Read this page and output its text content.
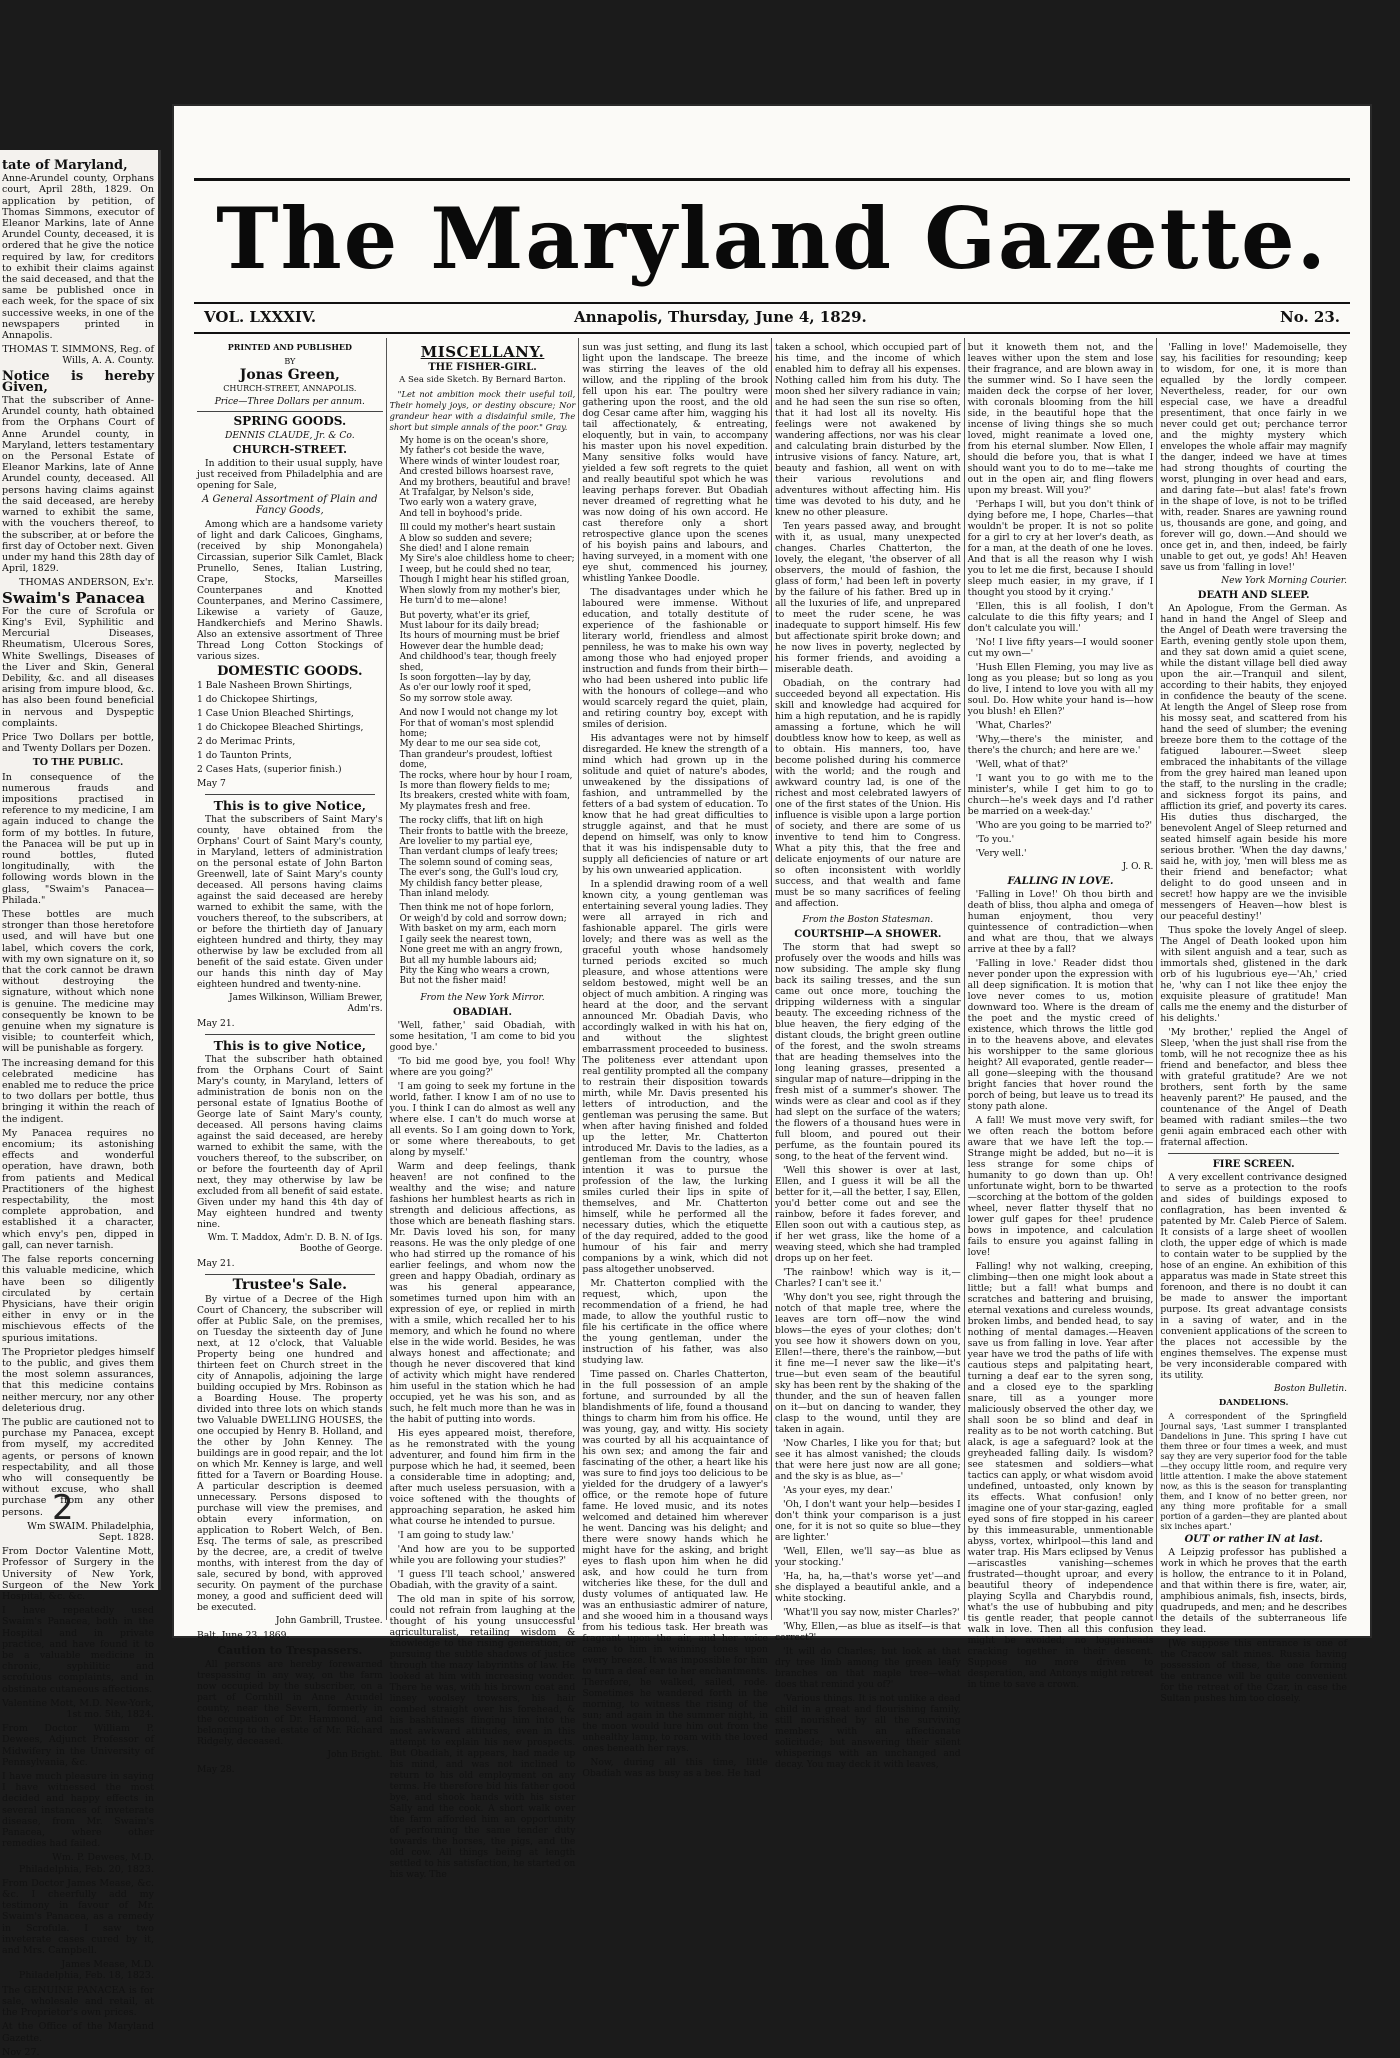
tate of Maryland,

Anne-Arundel county, Orphans court, April 28th, 1829. On application by petition, of Thomas Simmons, executor of Eleanor Markins, late of Anne Arundel County, deceased, it is ordered that he give the notice required by law, for creditors to exhibit their claims against the said deceased, and that the same be published once in each week, for the space of six successive weeks, in one of the newspapers printed in Annapolis.

THOMAS T. SIMMONS, Reg. of Wills, A. A. County.

Notice is hereby Given,

That the subscriber of Anne-Arundel county, hath obtained from the Orphans Court of Anne Arundel county, in Maryland, letters testamentary on the Personal Estate of Eleanor Markins, late of Anne Arundel county, deceased. All persons having claims against the said deceased, are hereby warned to exhibit the same, with the vouchers thereof, to the subscriber, at or before the first day of October next. Given under my hand this 28th day of April, 1829.

THOMAS ANDERSON, Ex'r.

Swaim's Panacea

For the cure of Scrofula or King's Evil, Syphilitic and Mercurial Diseases, Rheumatism, Ulcerous Sores, White Swellings, Diseases of the Liver and Skin, General Debility, &c. and all diseases arising from impure blood, &c. has also been found beneficial in nervous and Dyspeptic complaints.

Price Two Dollars per bottle, and Twenty Dollars per Dozen.

TO THE PUBLIC.

In consequence of the numerous frauds and impositions practised in reference to my medicine, I am again induced to change the form of my bottles. In future, the Panacea will be put up in round bottles, fluted longitudinally, with the following words blown in the glass, "Swaim's Panacea—Philada."

These bottles are much stronger than those heretofore used, and will have but one label, which covers the cork, with my own signature on it, so that the cork cannot be drawn without destroying the signature, without which none is genuine. The medicine may consequently be known to be genuine when my signature is visible; to counterfeit which, will be punishable as forgery.

The increasing demand for this celebrated medicine has enabled me to reduce the price to two dollars per bottle, thus bringing it within the reach of the indigent.

My Panacea requires no encomium; its astonishing effects and wonderful operation, have drawn, both from patients and Medical Practitioners of the highest respectability, the most complete approbation, and established it a character, which envy's pen, dipped in gall, can never tarnish.

The false reports concerning this valuable medicine, which have been so diligently circulated by certain Physicians, have their origin either in envy or in the mischievous effects of the spurious imitations.

The Proprietor pledges himself to the public, and gives them the most solemn assurances, that this medicine contains neither mercury, nor any other deleterious drug.

The public are cautioned not to purchase my Panacea, except from myself, my accredited agents, or persons of known respectability, and all those who will consequently be without excuse, who shall purchase from any other persons.

Wm SWAIM. Philadelphia, Sept. 1828.

From Doctor Valentine Mott, Professor of Surgery in the University of New York, Surgeon of the New York Hospital, &c. &c.

I have repeatedly used Swaim's Panacea, both in the Hospital and in private practice, and have found it to be a valuable medicine in chronic, syphilitic and scrofulous complaints, and in obstinate cutaneous affections.

Valentine Mott, M.D. New-York, 1st mo. 5th, 1824.

From Doctor William P. Dewees, Adjunct Professor of Midwifery in the University of Pennsylvania, &c.

I have much pleasure in saying I have witnessed the most decided and happy effects in several instances of inveterate disease, from Mr. Swaim's Panacea, where other remedies had failed.

Wm. P. Dewees, M.D. Philadelphia, Feb. 20, 1823.

From Doctor James Mease, &c. &c. I cheerfully add my testimony in favour of Mr. Swaim's Panacea, as a remedy in Scrofula. I saw two inveterate cases cured by it, and Mrs. Campbell.

James Mease, M.D. Philadelphia, Feb. 18, 1823.

The GENUINE PANACEA is for sale, wholesale and retail, at the Proprietor's own prices.

At the Office of the Maryland Gazette.

Nov 27.

The Maryland Gazette.
VOL. LXXXIV.	Annapolis, Thursday, June 4, 1829.	No. 23.

PRINTED AND PUBLISHED

BY

Jonas Green,

CHURCH-STREET, ANNAPOLIS.

Price—Three Dollars per annum.

SPRING GOODS.

DENNIS CLAUDE, Jr. & Co.

CHURCH-STREET.

In addition to their usual supply, have just received from Philadelphia and are opening for Sale,

A General Assortment of Plain and Fancy Goods,

Among which are a handsome variety of light and dark Calicoes, Ginghams, (received by ship Monongahela) Circassian, superior Silk Camlet, Black Prunello, Senes, Italian Lustring, Crape, Stocks, Marseilles Counterpanes and Knotted Counterpanes, and Merino Cassimere, Likewise a variety of Gauze, Handkerchiefs and Merino Shawls. Also an extensive assortment of Three Thread Long Cotton Stockings of various sizes.

DOMESTIC GOODS.

1 Bale Nasheen Brown Shirtings,

1 do Chickopee Shirtings,

1 Case Union Bleached Shirtings,

1 do Chickopee Bleached Shirtings,

2 do Merimac Prints,

1 do Taunton Prints,

2 Cases Hats, (superior finish.)

May 7

This is to give Notice,

That the subscribers of Saint Mary's county, have obtained from the Orphans' Court of Saint Mary's county, in Maryland, letters of administration on the personal estate of John Barton Greenwell, late of Saint Mary's county deceased. All persons having claims against the said deceased are hereby warned to exhibit the same, with the vouchers thereof, to the subscribers, at or before the thirtieth day of January eighteen hundred and thirty, they may otherwise by law be excluded from all benefit of the said estate. Given under our hands this ninth day of May eighteen hundred and twenty-nine.

James Wilkinson, William Brewer, Adm'rs.

May 21.

This is to give Notice,

That the subscriber hath obtained from the Orphans Court of Saint Mary's county, in Maryland, letters of administration de bonis non on the personal estate of Ignatius Boothe of George late of Saint Mary's county, deceased. All persons having claims against the said deceased, are hereby warned to exhibit the same, with the vouchers thereof, to the subscriber, on or before the fourteenth day of April next, they may otherwise by law be excluded from all benefit of said estate. Given under my hand this 4th day of May eighteen hundred and twenty nine.

Wm. T. Maddox, Adm'r. D. B. N. of Igs. Boothe of George.

May 21.

Trustee's Sale.

By virtue of a Decree of the High Court of Chancery, the subscriber will offer at Public Sale, on the premises, on Tuesday the sixteenth day of June next, at 12 o'clock, that Valuable Property being one hundred and thirteen feet on Church street in the city of Annapolis, adjoining the large building occupied by Mrs. Robinson as a Boarding House. The property divided into three lots on which stands two Valuable DWELLING HOUSES, the one occupied by Henry B. Holland, and the other by John Kenney. The buildings are in good repair, and the lot on which Mr. Kenney is large, and well fitted for a Tavern or Boarding House. A particular description is deemed unnecessary. Persons disposed to purchase will view the premises, and obtain every information, on application to Robert Welch, of Ben. Esq. The terms of sale, as prescribed by the decree, are, a credit of twelve months, with interest from the day of sale, secured by bond, with approved security. On payment of the purchase money, a good and sufficient deed will be executed.

John Gambrill, Trustee.

Balt. June 23, 1869.

Caution to Trespassers.

All persons are hereby forewarned trespassing in any way, on the farm now occupied by the subscriber, on a part of Cornhill in Anne Arundel county, near the Severn, formerly in the occupation of Dr. Hammond, and belonging to the estate of Mr. Richard Ridgely, deceased.

John Bright.

May 28.

MISCELLANY.
THE FISHER-GIRL.

A Sea side Sketch. By Bernard Barton.

"Let not ambition mock their useful toil, Their homely joys, or destiny obscure; Nor grandeur hear with a disdainful smile, The short but simple annals of the poor." Gray.

My home is on the ocean's shore,
My father's cot beside the wave,
Where winds of winter loudest roar,
And crested billows hoarsest rave,
And my brothers, beautiful and brave!
At Trafalgar, by Nelson's side,
Two early won a watery grave,
And tell in boyhood's pride.
Ill could my mother's heart sustain
A blow so sudden and severe;
She died! and I alone remain
My Sire's aloe childless home to cheer;
I weep, but he could shed no tear,
Though I might hear his stifled groan,
When slowly from my mother's bier,
He turn'd to me—alone!
But poverty, what'er its grief,
Must labour for its daily bread;
Its hours of mourning must be brief
However dear the humble dead;
And childhood's tear, though freely shed,
Is soon forgotten—lay by day,
As o'er our lowly roof it sped,
So my sorrow stole away.
And now I would not change my lot
For that of woman's most splendid home;
My dear to me our sea side cot,
Than grandeur's proudest, loftiest dome,
The rocks, where hour by hour I roam,
Is more than flowery fields to me;
Its breakers, crested white with foam,
My playmates fresh and free.
The rocky cliffs, that lift on high
Their fronts to battle with the breeze,
Are lovelier to my partial eye,
Than verdant clumps of leafy trees;
The solemn sound of coming seas,
The ever's song, the Gull's loud cry,
My childish fancy better please,
Than inland melody.
Then think me not of hope forlorn,
Or weigh'd by cold and sorrow down;
With basket on my arm, each morn
I gaily seek the nearest town,
None greet me with an angry frown,
But all my humble labours aid;
Pity the King who wears a crown,
But not the fisher maid!

From the New York Mirror.

OBADIAH.

'Well, father,' said Obadiah, with some hesitation, 'I am come to bid you good bye.'

'To bid me good bye, you fool! Why where are you going?'

'I am going to seek my fortune in the world, father. I know I am of no use to you. I think I can do almost as well any where else. I can't do much worse at all events. So I am going down to York, or some where thereabouts, to get along by myself.'

Warm and deep feelings, thank heaven! are not confined to the wealthy and the wise; and nature fashions her humblest hearts as rich in strength and delicious affections, as those which are beneath flashing stars. Mr. Davis loved his son, for many reasons. He was the only pledge of one who had stirred up the romance of his earlier feelings, and whom now the green and happy Obadiah, ordinary as was his general appearance, sometimes turned upon him with an expression of eye, or replied in mirth with a smile, which recalled her to his memory, and which he found no where else in the wide world. Besides, he was always honest and affectionate; and though he never discovered that kind of activity which might have rendered him useful in the station which he had occupied, yet he was his son, and as such, he felt much more than he was in the habit of putting into words.

His eyes appeared moist, therefore, as he remonstrated with the young adventurer, and found him firm in the purpose which he had, it seemed, been a considerable time in adopting; and, after much useless persuasion, with a voice softened with the thoughts of approaching separation, he asked him what course he intended to pursue.

'I am going to study law.'

'And how are you to be supported while you are following your studies?'

'I guess I'll teach school,' answered Obadiah, with the gravity of a saint.

The old man in spite of his sorrow, could not refrain from laughing at the thought of his young unsuccessful agriculturalist, retailing wisdom & knowledge to the rising generation, or pursuing the subtle shadows of justice through the mazy labyrinths of law. He looked at him with increasing wonder. There he was, with his brown coat and linsey woolsey trowsers, his hair combed straight over his forehead, & his bashfulness flinging him into the most awkward attitudes, even in this attempt to explain his new prospects. But Obadiah, it appears, had made up his mind, and was not inclined to return to his old employment on any terms. He therefore bid his father good bye, and shook hands with his sister Sally and the cook. A short walk over the farm afforded him an opportunity of performing the same tender duty towards the horses, the pigs, and the old cow. All things being at length settled to his satisfaction, he started on his way. The

sun was just setting, and flung its last light upon the landscape. The breeze was stirring the leaves of the old willow, and the rippling of the brook fell upon his ear. The poultry were gathering upon the roost, and the old dog Cesar came after him, wagging his tail affectionately, & entreating, eloquently, but in vain, to accompany his master upon his novel expedition. Many sensitive folks would have yielded a few soft regrets to the quiet and really beautiful spot which he was leaving perhaps forever. But Obadiah never dreamed of regretting what he was now doing of his own accord. He cast therefore only a short retrospective glance upon the scenes of his boyish pains and labours, and having surveyed, in a moment with one eye shut, commenced his journey, whistling Yankee Doodle.

The disadvantages under which he laboured were immense. Without education, and totally destitute of experience of the fashionable or literary world, friendless and almost penniless, he was to make his own way among those who had enjoyed proper instruction and funds from their birth—who had been ushered into public life with the honours of college—and who would scarcely regard the quiet, plain, and retiring country boy, except with smiles of derision.

His advantages were not by himself disregarded. He knew the strength of a mind which had grown up in the solitude and quiet of nature's abodes, unweakened by the dissipations of fashion, and untrammelled by the fetters of a bad system of education. To know that he had great difficulties to struggle against, and that he must depend on himself, was only to know that it was his indispensable duty to supply all deficiencies of nature or art by his own unwearied application.

In a splendid drawing room of a well known city, a young gentleman was entertaining several young ladies. They were all arrayed in rich and fashionable apparel. The girls were lovely; and there was as well as the graceful youth whose handsomely turned periods excited so much pleasure, and whose attentions were seldom bestowed, might well be an object of much ambition. A ringing was heard at the door, and the servant announced Mr. Obadiah Davis, who accordingly walked in with his hat on, and without the slightest embarrassment proceeded to business. The politeness ever attendant upon real gentility prompted all the company to restrain their disposition towards mirth, while Mr. Davis presented his letters of introduction, and the gentleman was perusing the same. But when after having finished and folded up the letter, Mr. Chatterton introduced Mr. Davis to the ladies, as a gentleman from the country, whose intention it was to pursue the profession of the law, the lurking smiles curled their lips in spite of themselves, and Mr. Chatterton himself, while he performed all the necessary duties, which the etiquette of the day required, added to the good humour of his fair and merry companions by a wink, which did not pass altogether unobserved.

Mr. Chatterton complied with the request, which, upon the recommendation of a friend, he had made, to allow the youthful rustic to file his certificate in the office where the young gentleman, under the instruction of his father, was also studying law.

Time passed on. Charles Chatterton, in the full possession of an ample fortune, and surrounded by all the blandishments of life, found a thousand things to charm him from his office. He was young, gay, and witty. His society was courted by all his acquaintance of his own sex; and among the fair and fascinating of the other, a heart like his was sure to find joys too delicious to be yielded for the drudgery of a lawyer's office, or the remote hope of future fame. He loved music, and its notes welcomed and detained him wherever he went. Dancing was his delight; and there were snowy hands which he might have for the asking, and bright eyes to flash upon him when he did ask, and how could he turn from witcheries like these, for the dull and dusty volumes of antiquated law. He was an enthusiastic admirer of nature, and she wooed him in a thousand ways from his tedious task. Her breath was fragrant upon the air, and her voice came to him in winning tones upon every breeze. It was impossible for him to turn a deaf ear to her enchantments. Therefore, he walked, sailed, rode. Sometimes he wandered forth in the morning, to witness the rising of the sun; and again in the summer night, in the moon would lure him out from the unhealthy lamp, to roam with the loved ones beneath her rays.

Now, during all this time, little Obadiah was as busy as a bee. He had

taken a school, which occupied part of his time, and the income of which enabled him to defray all his expenses. Nothing called him from his duty. The moon shed her silvery radiance in vain; and he had seen the sun rise so often, that it had lost all its novelty. His feelings were not awakened by wandering affections, nor was his clear and calculating brain disturbed by the intrusive visions of fancy. Nature, art, beauty and fashion, all went on with their various revolutions and adventures without affecting him. His time was devoted to his duty, and he knew no other pleasure.

Ten years passed away, and brought with it, as usual, many unexpected changes. Charles Chatterton, the lovely, the elegant, 'the observer of all observers, the mould of fashion, the glass of form,' had been left in poverty by the failure of his father. Bred up in all the luxuries of life, and unprepared to meet the ruder scene, he was inadequate to support himself. His few but affectionate spirit broke down; and he now lives in poverty, neglected by his former friends, and avoiding a miserable death.

Obadiah, on the contrary had succeeded beyond all expectation. His skill and knowledge had acquired for him a high reputation, and he is rapidly amassing a fortune, which he will doubtless know how to keep, as well as to obtain. His manners, too, have become polished during his commerce with the world; and the rough and awkward country lad, is one of the richest and most celebrated lawyers of one of the first states of the Union. His influence is visible upon a large portion of society, and there are some of us inventive to tend him to Congress. What a pity this, that the free and delicate enjoyments of our nature are so often inconsistent with worldly success, and that wealth and fame must be so many sacrifices of feeling and affection.

From the Boston Statesman.

COURTSHIP—A SHOWER.

The storm that had swept so profusely over the woods and hills was now subsiding. The ample sky flung back its sailing tresses, and the sun came out once more, touching the dripping wilderness with a singular beauty. The exceeding richness of the blue heaven, the fiery edging of the distant clouds, the bright green outline of the forest, and the swoln streams that are heading themselves into the long leaning grasses, presented a singular map of nature—dripping in the fresh mist of a summer's shower. The winds were as clear and cool as if they had slept on the surface of the waters; the flowers of a thousand hues were in full bloom, and poured out their perfume, as the fountain poured its song, to the heat of the fervent wind.

'Well this shower is over at last, Ellen, and I guess it will be all the better for it,—all the better, I say, Ellen, you'd better come out and see the rainbow, before it fades forever, and Ellen soon out with a cautious step, as if her wet grass, like the home of a weaving steed, which she had trampled drops up on her feet.

'The rainbow! which way is it,—Charles? I can't see it.'

'Why don't you see, right through the notch of that maple tree, where the leaves are torn off—now the wind blows—the eyes of your clothes; don't you see how it showers down on you, Ellen!—there, there's the rainbow,—but it fine me—I never saw the like—it's true—but even seam of the beautiful sky has been rent by the shaking of the thunder, and the sun of heaven fallen on it—but on dancing to wander, they clasp to the wound, until they are taken in again.

'Now Charles, I like you for that; but see it has almost vanished; the clouds that were here just now are all gone; and the sky is as blue, as—'

'As your eyes, my dear.'

'Oh, I don't want your help—besides I don't think your comparison is a just one, for it is not so quite so blue—they are lighter.'

'Well, Ellen, we'll say—as blue as your stocking.'

'Ha, ha, ha,—that's worse yet'—and she displayed a beautiful ankle, and a white stocking.

'What'll you say now, mister Charles?'

'Why, Ellen,—as blue as itself—is that correct?'

'It will do Charles; but look at that dry tree limb among the green leafy branches on that maple tree—what does that remind you of?'

'Various things. It is not unlike a dead child in a great and flourishing family, still nourished by all the surviving members with an affectionate solicitude; but answering their silent whisperings with an unchanged and decay. You may deck it with leaves,

but it knoweth them not, and the leaves wither upon the stem and lose their fragrance, and are blown away in the summer wind. So I have seen the maiden deck the corpse of her lover, with coronals blooming from the hill side, in the beautiful hope that the incense of living things she so much loved, might reanimate a loved one, from his eternal slumber. Now Ellen, I should die before you, that is what I should want you to do to me—take me out in the open air, and fling flowers upon my breast. Will you?'

'Perhaps I will, but you don't think of dying before me, I hope, Charles—that wouldn't be proper. It is not so polite for a girl to cry at her lover's death, as for a man, at the death of one he loves. And that is all the reason why I wish you to let me die first, because I should sleep much easier, in my grave, if I thought you stood by it crying.'

'Ellen, this is all foolish, I don't calculate to die this fifty years; and I don't calculate you will.'

'No! I live fifty years—I would sooner cut my own—'

'Hush Ellen Fleming, you may live as long as you please; but so long as you do live, I intend to love you with all my soul. Do. How white your hand is—how you blush! eh Ellen?'

'What, Charles?'

'Why,—there's the minister, and there's the church; and here are we.'

'Well, what of that?'

'I want you to go with me to the minister's, while I get him to go to church—he's week days and I'd rather be married on a week-day.'

'Who are you going to be married to?'

'To you.'

'Very well.'

J. O. R.

FALLING IN LOVE.

'Falling in Love!' Oh thou birth and death of bliss, thou alpha and omega of human enjoyment, thou very quintessence of contradiction—when and what are thou, that we always arrive at thee by a fall?

'Falling in love.' Reader didst thou never ponder upon the expression with all deep signification. It is motion that love never comes to us, motion downward too. Where is the dream of the poet and the mystic creed of existence, which throws the little god in to the heavens above, and elevates his worshipper to the same glorious height? All evaporated, gentle reader—all gone—sleeping with the thousand bright fancies that hover round the porch of being, but leave us to tread its stony path alone.

A fall! We must move very swift, for we often reach the bottom before aware that we have left the top.—Strange might be added, but no—it is less strange for some chips of humanity to go down than up. Oh! unfortunate wight, born to be thwarted—scorching at the bottom of the golden wheel, never flatter thyself that no lower gulf gapes for thee! prudence bows in impotence, and calculation fails to ensure you against falling in love!

Falling! why not walking, creeping, climbing—then one might look about a little; but a fall! what bumps and scratches and battering and bruising, eternal vexations and cureless wounds, broken limbs, and bended head, to say nothing of mental damages.—Heaven save us from falling in love. Year after year have we trod the paths of life with cautious steps and palpitating heart, turning a deaf ear to the syren song, and a closed eye to the sparkling snare, till as a younger more maliciously observed the other day, we shall soon be so blind and deaf in reality as to be not worth catching. But alack, is age a safeguard? look at the greyheaded falling daily. Is wisdom? see statesmen and soldiers—what tactics can apply, or what wisdom avoid undefined, untoasted, only known by its effects. What confusion! only imagine one of your star-gazing, eagled eyed sons of fire stopped in his career by this immeasurable, unmentionable abyss, vortex, whirlpool—this land and water trap. His Mars eclipsed by Venus—ariscastles vanishing—schemes frustrated—thought uproar, and every beautiful theory of independence playing Scylla and Charybdis round, what's the use of hubbubing and pity tis gentle reader, that people cannot walk in love. Then all this confusion might be avoided; no loggerheads cracking together in their descent. Suppose no more driven to desperation, and Antonys might retreat in time to save a crown.

'Falling in love!' Mademoiselle, they say, his facilities for resounding; keep to wisdom, for one, it is more than equalled by the lordly compeer. Nevertheless, reader, for our own especial case, we have a dreadful presentiment, that once fairly in we never could get out; perchance terror and the mighty mystery which envelopes the whole affair may magnify the danger, indeed we have at times had strong thoughts of courting the worst, plunging in over head and ears, and daring fate—but alas! fate's frown in the shape of love, is not to be trifled with, reader. Snares are yawning round us, thousands are gone, and going, and forever will go, down.—And should we once get in, and then, indeed, be fairly unable to get out, ye gods! Ah! Heaven save us from 'falling in love!'

New York Morning Courier.

DEATH AND SLEEP.

An Apologue, From the German. As hand in hand the Angel of Sleep and the Angel of Death were traversing the Earth, evening gently stole upon them, and they sat down amid a quiet scene, while the distant village bell died away upon the air.—Tranquil and silent, according to their habits, they enjoyed in confidence the beauty of the scene. At length the Angel of Sleep rose from his mossy seat, and scattered from his hand the seed of slumber; the evening breeze bore them to the cottage of the fatigued labourer.—Sweet sleep embraced the inhabitants of the village from the grey haired man leaned upon the staff, to the nursling in the cradle; and sickness forgot its pains, and affliction its grief, and poverty its cares. His duties thus discharged, the benevolent Angel of Sleep returned and seated himself again beside his more serious brother. 'When the day dawns,' said he, with joy, 'men will bless me as their friend and benefactor; what delight to do good unseen and in secret! how happy are we the invisible messengers of Heaven—how blest is our peaceful destiny!'

Thus spoke the lovely Angel of sleep. The Angel of Death looked upon him with silent anguish and a tear, such as immortals shed, glistened in the dark orb of his lugubrious eye—'Ah,' cried he, 'why can I not like thee enjoy the exquisite pleasure of gratitude! Man calls me the enemy and the disturber of his delights.'

'My brother,' replied the Angel of Sleep, 'when the just shall rise from the tomb, will he not recognize thee as his friend and benefactor, and bless thee with grateful gratitude? Are we not brothers, sent forth by the same heavenly parent?' He paused, and the countenance of the Angel of Death beamed with radiant smiles—the two genii again embraced each other with fraternal affection.

FIRE SCREEN.

A very excellent contrivance designed to serve as a protection to the roofs and sides of buildings exposed to conflagration, has been invented & patented by Mr. Caleb Pierce of Salem. It consists of a large sheet of woollen cloth, the upper edge of which is made to contain water to be supplied by the hose of an engine. An exhibition of this apparatus was made in State street this forenoon, and there is no doubt it can be made to answer the important purpose. Its great advantage consists in a saving of water, and in the convenient applications of the screen to the places not accessible by the engines themselves. The expense must be very inconsiderable compared with its utility.

Boston Bulletin.

DANDELIONS.

A correspondent of the Springfield Journal says, 'Last summer I transplanted Dandelions in June. This spring I have cut them three or four times a week, and must say they are very superior food for the table—they occupy little room, and require very little attention. I make the above statement now, as this is the season for transplanting them, and I know of no better green, nor any thing more profitable for a small portion of a garden—they are planted about six inches apart.'

OUT or rather IN at last.

A Leipzig professor has published a work in which he proves that the earth is hollow, the entrance to it in Poland, and that within there is fire, water, air, amphibious animals, fish, insects, birds, quadrupeds, and men; and he describes the details of the subterraneous life they lead.

[We suppose this entrance is one of the Cracow salt mines. Russia having possession of these, the one forming the entrance will be quite convenient for the retreat of the Czar, in case the Sultan pushes him too closely.

2
